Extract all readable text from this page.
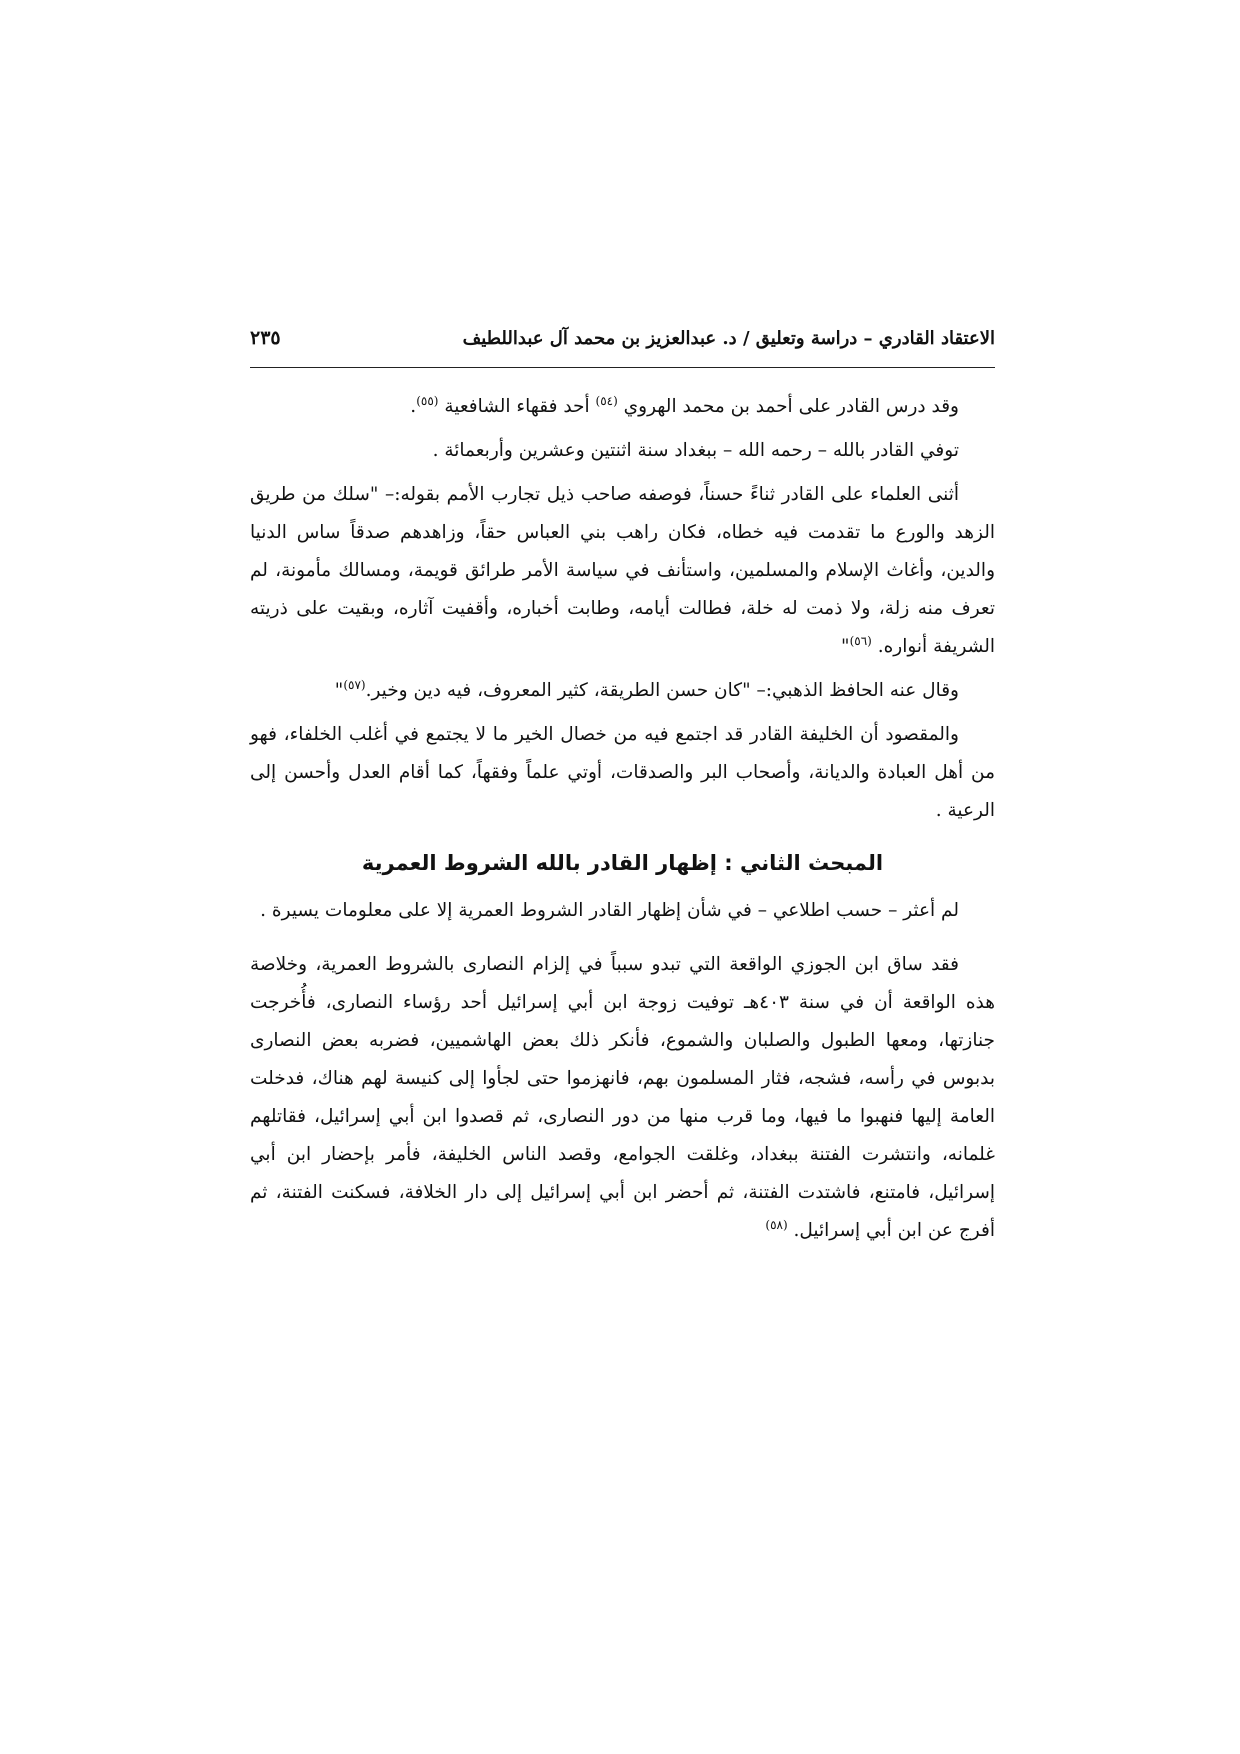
الاعتقاد القادري – دراسة وتعليق / د. عبدالعزيز بن محمد آل عبداللطيف
٢٣٥

وقد درس القادر على أحمد بن محمد الهروي $^{(٥٤)}$ أحد فقهاء الشافعية $^{(٥٥)}$.

توفي القادر بالله – رحمه الله – ببغداد سنة اثنتين وعشرين وأربعمائة .

أثنى العلماء على القادر ثناءً حسناً، فوصفه صاحب ذيل تجارب الأمم بقوله:– "سلك من طريق الزهد والورع ما تقدمت فيه خطاه، فكان راهب بني العباس حقاً، وزاهدهم صدقاً ساس الدنيا والدين، وأغاث الإسلام والمسلمين، واستأنف في سياسة الأمر طرائق قويمة، ومسالك مأمونة، لم تعرف منه زلة، ولا ذمت له خلة، فطالت أيامه، وطابت أخباره، وأقفيت آثاره، وبقيت على ذريته الشريفة أنواره. $^{(٥٦)}$"

وقال عنه الحافظ الذهبي:– "كان حسن الطريقة، كثير المعروف، فيه دين وخير.$^{(٥٧)}$"

والمقصود أن الخليفة القادر قد اجتمع فيه من خصال الخير ما لا يجتمع في أغلب الخلفاء، فهو من أهل العبادة والديانة، وأصحاب البر والصدقات، أوتي علماً وفقهاً، كما أقام العدل وأحسن إلى الرعية .

المبحث الثاني : إظهار القادر بالله الشروط العمرية

لم أعثر – حسب اطلاعي – في شأن إظهار القادر الشروط العمرية إلا على معلومات يسيرة .

فقد ساق ابن الجوزي الواقعة التي تبدو سبباً في إلزام النصارى بالشروط العمرية، وخلاصة هذه الواقعة أن في سنة ٤٠٣هـ توفيت زوجة ابن أبي إسرائيل أحد رؤساء النصارى، فأُخرجت جنازتها، ومعها الطبول والصلبان والشموع، فأنكر ذلك بعض الهاشميين، فضربه بعض النصارى بدبوس في رأسه، فشجه، فثار المسلمون بهم، فانهزموا حتى لجأوا إلى كنيسة لهم هناك، فدخلت العامة إليها فنهبوا ما فيها، وما قرب منها من دور النصارى، ثم قصدوا ابن أبي إسرائيل، فقاتلهم غلمانه، وانتشرت الفتنة ببغداد، وغلقت الجوامع، وقصد الناس الخليفة، فأمر بإحضار ابن أبي إسرائيل، فامتنع، فاشتدت الفتنة، ثم أحضر ابن أبي إسرائيل إلى دار الخلافة، فسكنت الفتنة، ثم أفرج عن ابن أبي إسرائيل. $^{(٥٨)}$
